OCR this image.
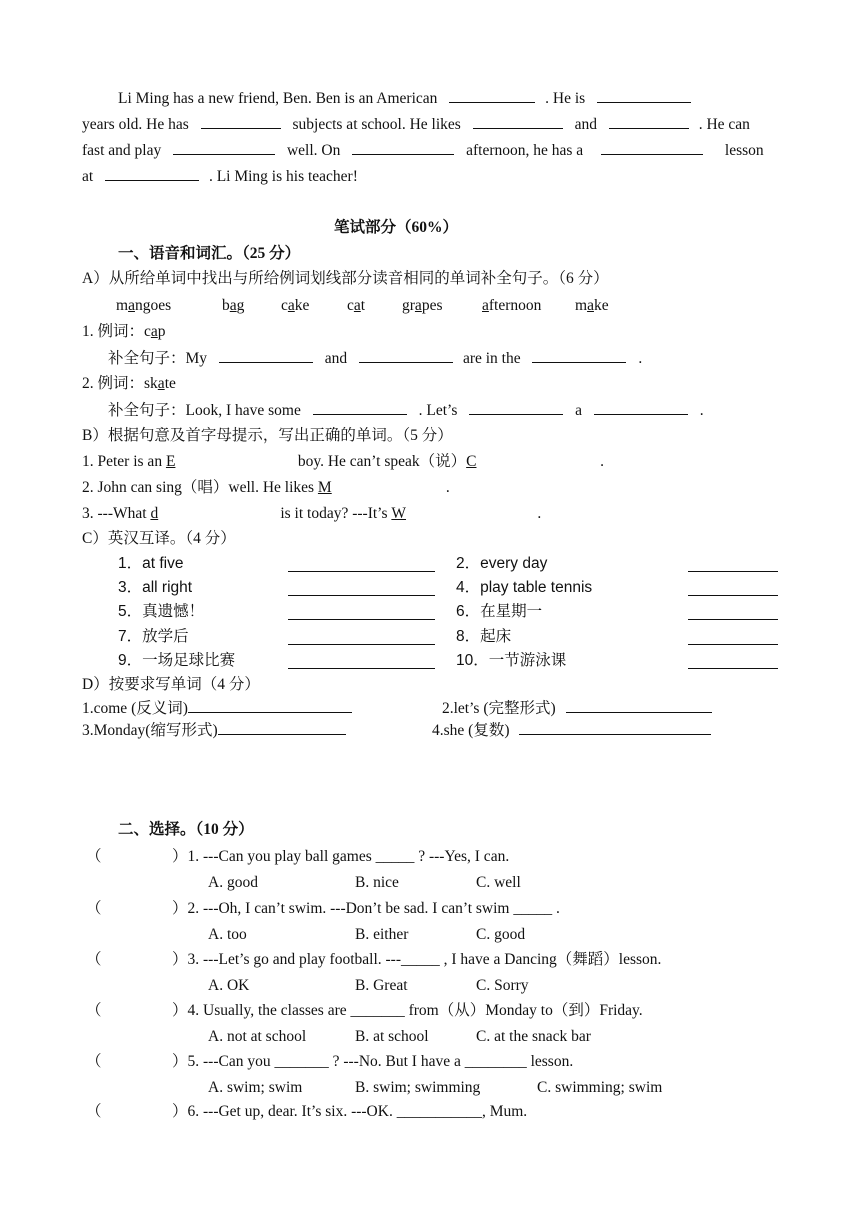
Li Ming has a new friend, Ben. Ben is an American	. He is
years old. He has	subjects at school. He likes	and	. He can
fast and play	well. On	afternoon, he has a	lesson
at	. Li Ming is his teacher!
笔试部分（60%）
一、语音和词汇。（25 分）
A）从所给单词中找出与所给例词划线部分读音相同的单词补全句子。（6 分）
mangoes	bag cake cat grapes	afternoon make
1. 例词：cap
补全句子：My	and	are in the	.
2. 例词：skate
补全句子：Look, I have some	. Let’s	a	.
B）根据句意及首字母提示，写出正确的单词。（5 分）
1. Peter is an E	boy. He can’t speak（说）C	.
2. John can sing（唱）well. He likes M	.
3. ---What d	is it today? ---It’s W	.
C）英汉互译。（4 分）
1．at five	2．every day
3．all right	4．play table tennis
5．真遗憾！	6．在星期一
7．放学后	8．起床
9．一场足球比赛	10．一节游泳课
D）按要求写单词（4 分）
1.come (反义词)	2.let’s (完整形式)
3.Monday(缩写形式)	4.she (复数)
二、选择。（10 分）
（	）1. ---Can you play ball games _____ ? ---Yes, I can.
A. good	B. nice	C. well
（	）2. ---Oh, I can’t swim. ---Don’t be sad. I can’t swim _____ .
A. too	B. either	C. good
（	）3. ---Let’s go and play football. ---_____ , I have a Dancing（舞蹈）lesson.
A. OK	B. Great	C. Sorry
（	）4. Usually, the classes are _______ from（从）Monday to（到）Friday.
A. not at school	B. at school	C. at the snack bar
（	）5. ---Can you _______ ? ---No. But I have a ________ lesson.
A. swim; swim	B. swim; swimming	C. swimming; swim
（	）6. ---Get up, dear. It’s six. ---OK. ___________, Mum.
